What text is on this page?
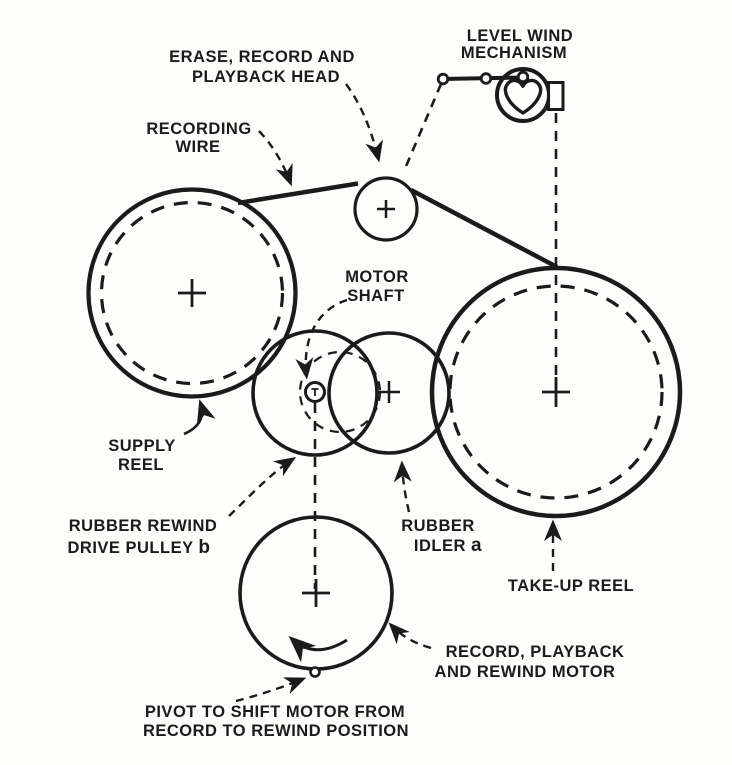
LEVEL WIND
MECHANISM
ERASE, RECORD AND
PLAYBACK HEAD
RECORDING
WIRE
MOTOR
SHAFT
SUPPLY
REEL
RUBBER REWIND
DRIVE PULLEY b
RUBBER
IDLER a
TAKE-UP REEL
RECORD, PLAYBACK
AND REWIND MOTOR
PIVOT TO SHIFT MOTOR FROM
RECORD TO REWIND POSITION
